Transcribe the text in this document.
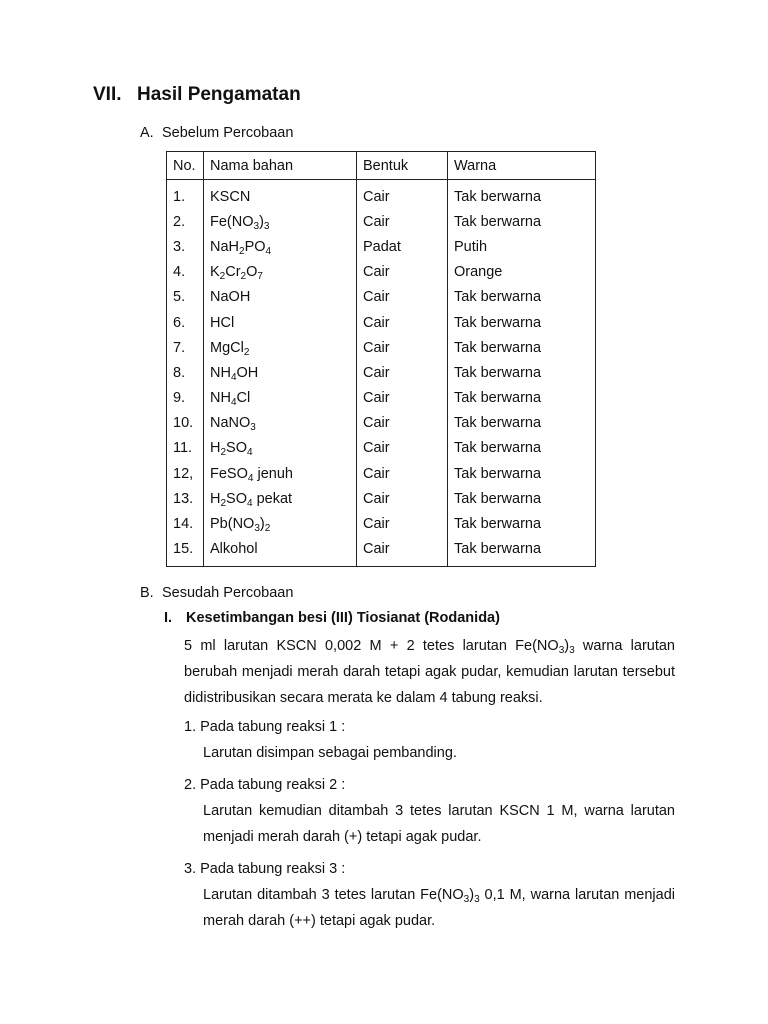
VII. Hasil Pengamatan
A. Sebelum Percobaan
No.	Nama bahan	Bentuk	Warna
1.	KSCN	Cair	Tak berwarna
2.	$Fe(NO_3)_3$	Cair	Tak berwarna
3.	$NaH_2PO_4$	Padat	Putih
4.	$K_2Cr_2O_7$	Cair	Orange
5.	NaOH	Cair	Tak berwarna
6.	HCl	Cair	Tak berwarna
7.	MgCl$_2$	Cair	Tak berwarna
8.	$NH_4OH$	Cair	Tak berwarna
9.	$NH_4Cl$	Cair	Tak berwarna
10.	NaNO$_3$	Cair	Tak berwarna
11.	$H_2SO_4$	Cair	Tak berwarna
12,	FeSO$_4$ jenuh	Cair	Tak berwarna
13.	$H_2SO_4$ pekat	Cair	Tak berwarna
14.	$Pb(NO_3)_2$	Cair	Tak berwarna
15.	Alkohol	Cair	Tak berwarna
B. Sesudah Percobaan
I. Kesetimbangan besi (III) Tiosianat (Rodanida)

5 ml larutan KSCN 0,002 M + 2 tetes larutan $Fe(NO_3)_3$ warna larutan berubah menjadi merah darah tetapi agak pudar, kemudian larutan tersebut didistribusikan secara merata ke dalam 4 tabung reaksi.

1. Pada tabung reaksi 1 :
Larutan disimpan sebagai pembanding.
2. Pada tabung reaksi 2 :
Larutan kemudian ditambah 3 tetes larutan KSCN 1 M, warna larutan menjadi merah darah (+) tetapi agak pudar.
3. Pada tabung reaksi 3 :
Larutan ditambah 3 tetes larutan $Fe(NO_3)_3$ 0,1 M, warna larutan menjadi merah darah (++) tetapi agak pudar.
